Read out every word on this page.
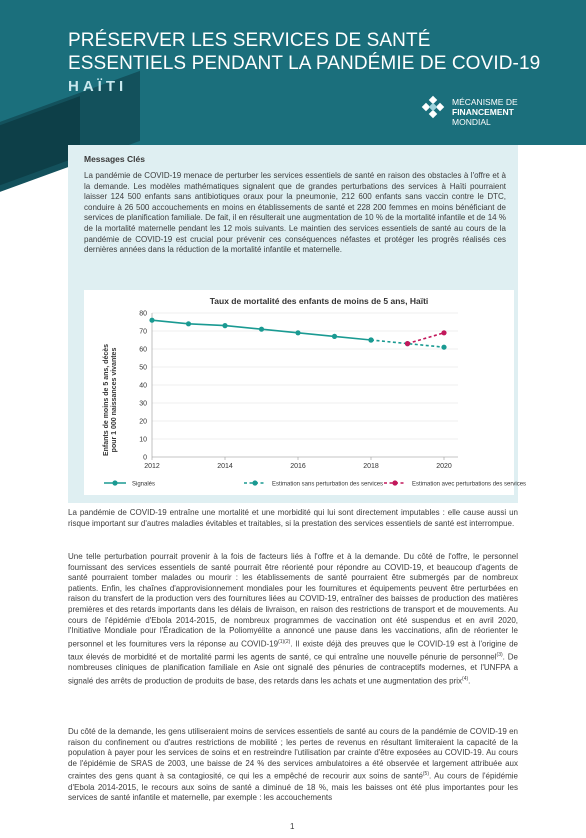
PRÉSERVER LES SERVICES DE SANTÉ ESSENTIELS PENDANT LA PANDÉMIE DE COVID-19
HAÏTI
MÉCANISME DE
FINANCEMENT
MONDIAL
Messages Clés
La pandémie de COVID-19 menace de perturber les services essentiels de santé en raison des obstacles à l'offre et à la demande. Les modèles mathématiques signalent que de grandes perturbations des services à Haïti pourraient laisser 124 500 enfants sans antibiotiques oraux pour la pneumonie, 212 600 enfants sans vaccin contre le DTC, conduire à 26 500 accouchements en moins en établissements de santé et 228 200 femmes en moins bénéficiant de services de planification familiale. De fait, il en résulterait une augmentation de 10 % de la mortalité infantile et de 14 % de la mortalité maternelle pendant les 12 mois suivants. Le maintien des services essentiels de santé au cours de la pandémie de COVID-19 est crucial pour prévenir ces conséquences néfastes et protéger les progrès réalisés ces dernières années dans la réduction de la mortalité infantile et maternelle.
Taux de mortalité des enfants de moins de 5 ans, Haïti
Enfants de moins de 5 ans, décès pour 1 000 naissances vivantes
0
10
20
30
40
50
60
70
80
2012	2014	2016	2018	2020
Signalés	Estimation sans perturbation des services	Estimation avec perturbations des services
La pandémie de COVID-19 entraîne une mortalité et une morbidité qui lui sont directement imputables : elle cause aussi un risque important sur d'autres maladies évitables et traitables, si la prestation des services essentiels de santé est interrompue.
Une telle perturbation pourrait provenir à la fois de facteurs liés à l'offre et à la demande. Du côté de l'offre, le personnel fournissant des services essentiels de santé pourrait être réorienté pour répondre au COVID-19, et beaucoup d'agents de santé pourraient tomber malades ou mourir : les établissements de santé pourraient être submergés par de nombreux patients. Enfin, les chaînes d'approvisionnement mondiales pour les fournitures et équipements peuvent être perturbées en raison du transfert de la production vers des fournitures liées au COVID-19, entraîner des baisses de production des matières premières et des retards importants dans les délais de livraison, en raison des restrictions de transport et de mouvements. Au cours de l'épidémie d'Ebola 2014-2015, de nombreux programmes de vaccination ont été suspendus et en avril 2020, l'Initiative Mondiale pour l'Éradication de la Poliomyélite a annoncé une pause dans les vaccinations, afin de réorienter le personnel et les fournitures vers la réponse au COVID-$19^{(1)(2)}$. Il existe déjà des preuves que le COVID-19 est à l'origine de taux élevés de morbidité et de mortalité parmi les agents de santé, ce qui entraîne une nouvelle pénurie de personnel$^{(3)}$. De nombreuses cliniques de planification familiale en Asie ont signalé des pénuries de contraceptifs modernes, et l'UNFPA a signalé des arrêts de production de produits de base, des retards dans les achats et une augmentation des prix$^{(4)}$.
Du côté de la demande, les gens utiliseraient moins de services essentiels de santé au cours de la pandémie de COVID-19 en raison du confinement ou d'autres restrictions de mobilité ; les pertes de revenus en résultant limiteraient la capacité de la population à payer pour les services de soins et en restreindre l'utilisation par crainte d'être exposées au COVID-19. Au cours de l'épidémie de SRAS de 2003, une baisse de 24 % des services ambulatoires a été observée et largement attribuée aux craintes des gens quant à sa contagiosité, ce qui les a empêché de recourir aux soins de santé$^{(5)}$. Au cours de l'épidémie d'Ebola 2014-2015, le recours aux soins de santé a diminué de 18 %, mais les baisses ont été plus importantes pour les services de santé infantile et maternelle, par exemple : les accouchements
1
